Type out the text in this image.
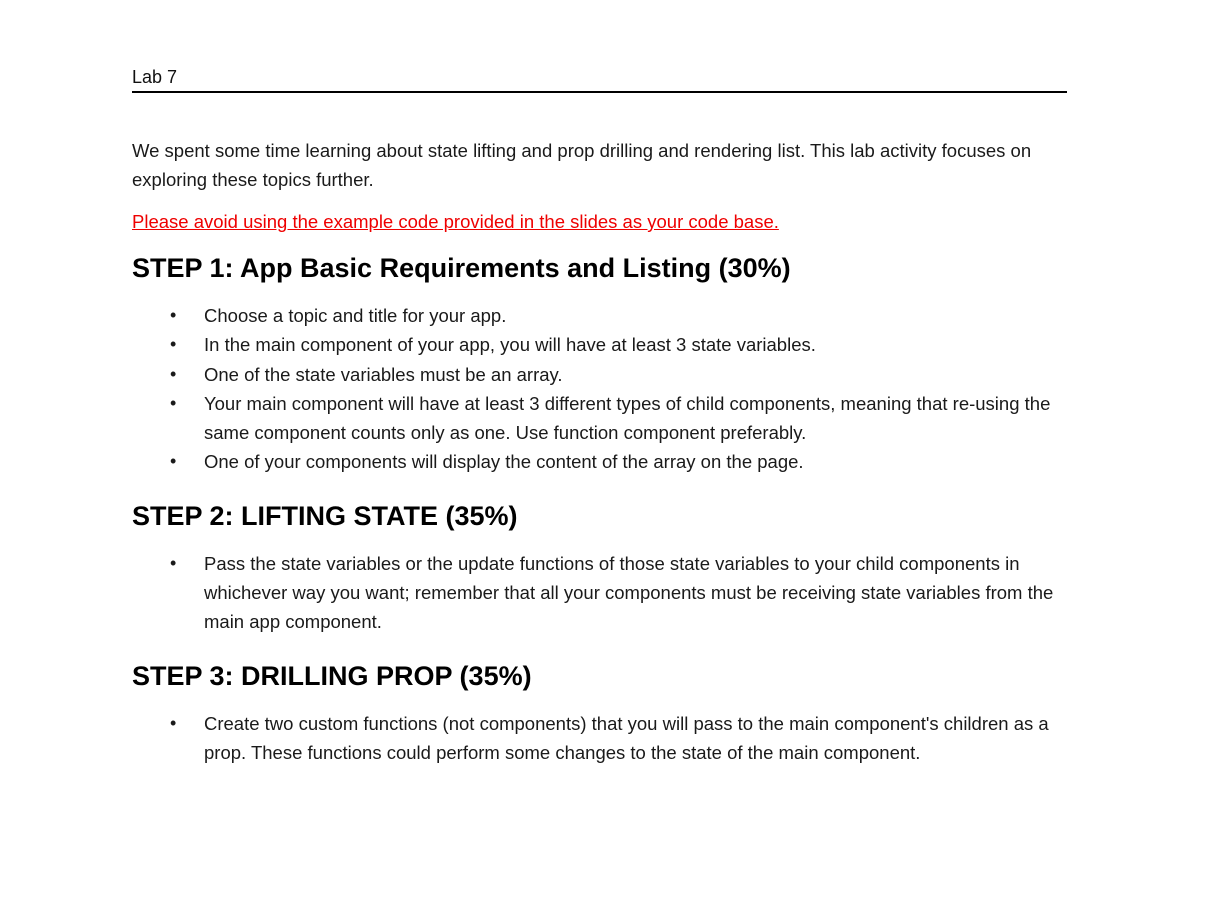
Lab 7

We spent some time learning about state lifting and prop drilling and rendering list. This lab activity focuses on exploring these topics further.

Please avoid using the example code provided in the slides as your code base.

STEP 1: App Basic Requirements and Listing (30%)
• Choose a topic and title for your app.
• In the main component of your app, you will have at least 3 state variables.
• One of the state variables must be an array.
• Your main component will have at least 3 different types of child components, meaning that re-using the same component counts only as one. Use function component preferably.
• One of your components will display the content of the array on the page.
STEP 2: LIFTING STATE (35%)
• Pass the state variables or the update functions of those state variables to your child components in whichever way you want; remember that all your components must be receiving state variables from the main app component.
STEP 3: DRILLING PROP (35%)
• Create two custom functions (not components) that you will pass to the main component's children as a prop. These functions could perform some changes to the state of the main component.
